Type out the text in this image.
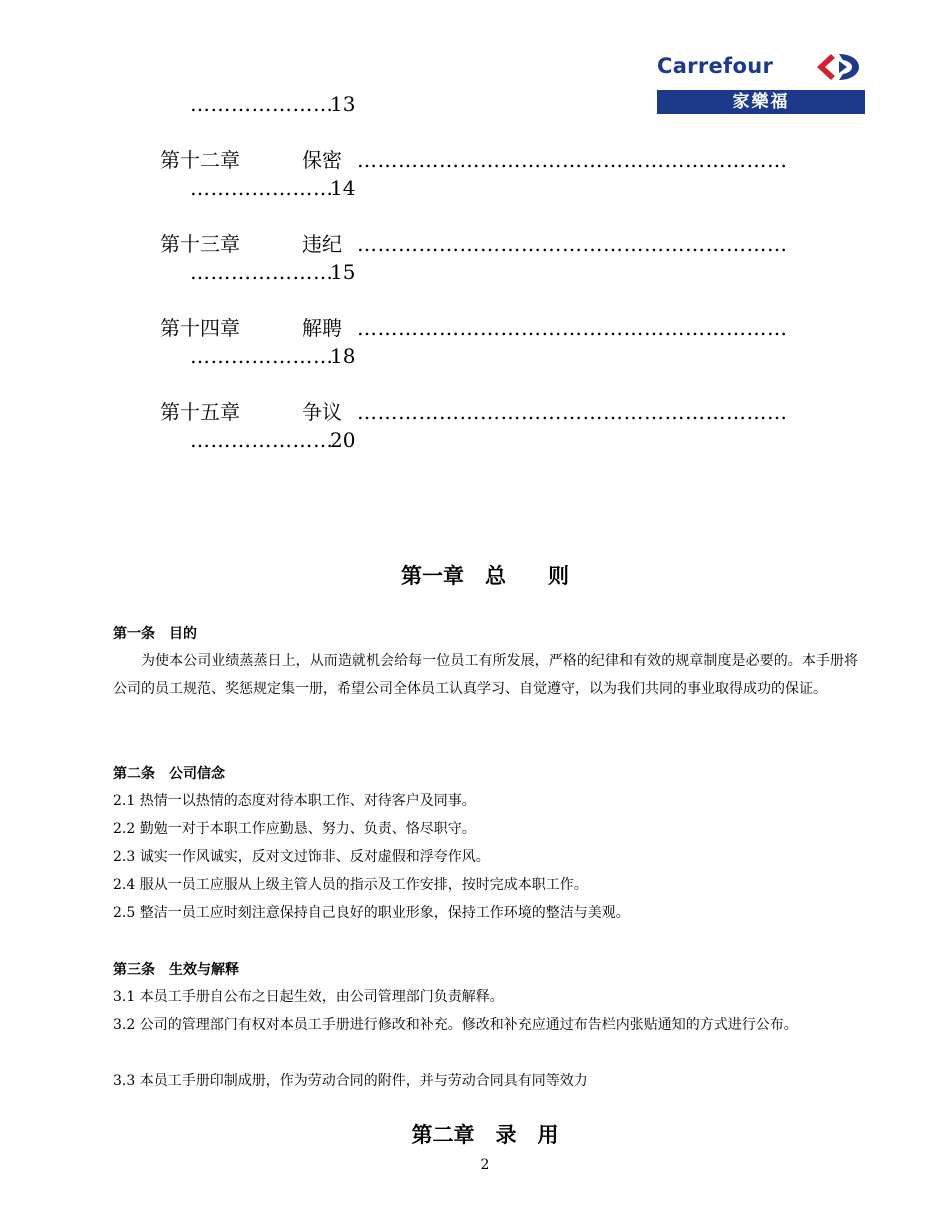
Carrefour
家樂福
…………………
13
第十二章	保密 ………………………………………………………
…………………
14
第十三章	违纪 ………………………………………………………
…………………
15
第十四章	解聘 ………………………………………………………
…………………
18
第十五章	争议 ………………………………………………………
…………………
20
第一章　总　　则
第一条　目的
为使本公司业绩蒸蒸日上，从而造就机会给每一位员工有所发展，严格的纪律和有效的规章制度是必要的。本手册将公司的员工规范、奖惩规定集一册，希望公司全体员工认真学习、自觉遵守，以为我们共同的事业取得成功的保证。
第二条　公司信念
2.1 热情一以热情的态度对待本职工作、对待客户及同事。
2.2 勤勉一对于本职工作应勤恳、努力、负责、恪尽职守。
2.3 诚实一作风诚实，反对文过饰非、反对虚假和浮夸作风。
2.4 服从一员工应服从上级主管人员的指示及工作安排，按时完成本职工作。
2.5 整洁一员工应时刻注意保持自己良好的职业形象，保持工作环境的整洁与美观。
第三条　生效与解释
3.1 本员工手册自公布之日起生效，由公司管理部门负责解释。
3.2 公司的管理部门有权对本员工手册进行修改和补充。修改和补充应通过布告栏内张贴通知的方式进行公布。
3.3 本员工手册印制成册，作为劳动合同的附件，并与劳动合同具有同等效力
第二章　录　用
2
